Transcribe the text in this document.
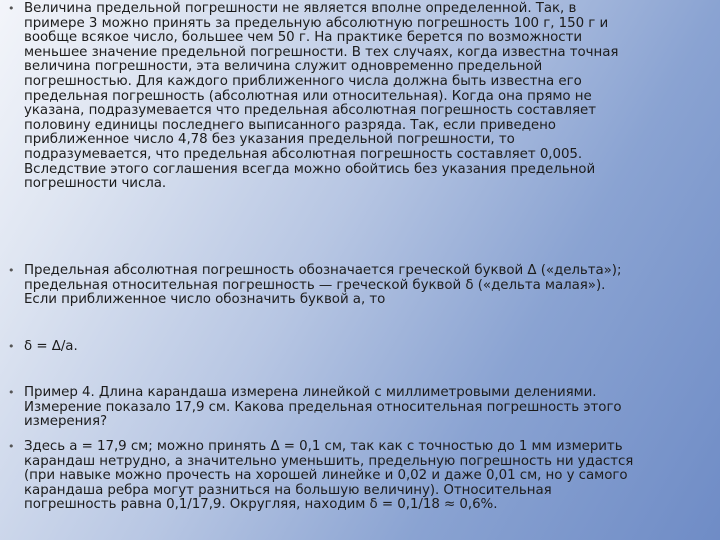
• Величина предельной погрешности не является вполне определенной. Так, в
примере 3 можно принять за предельную абсолютную погрешность 100 г, 150 г и
вообще всякое число, большее чем 50 г. На практике берется по возможности
меньшее значение предельной погрешности. В тех случаях, когда известна точная
величина погрешности, эта величина служит одновременно предельной
погрешностью. Для каждого приближенного числа должна быть известна его
предельная погрешность (абсолютная или относительная). Когда она прямо не
указана, подразумевается что предельная абсолютная погрешность составляет
половину единицы последнего выписанного разряда. Так, если приведено
приближенное число 4,78 без указания предельной погрешности, то
подразумевается, что предельная абсолютная погрешность составляет 0,005.
Вследствие этого соглашения всегда можно обойтись без указания предельной
погрешности числа.
• Предельная абсолютная погрешность обозначается греческой буквой Δ («дельта»);
предельная относительная погрешность — греческой буквой δ («дельта малая»).
Если приближенное число обозначить буквой а, то
• δ = Δ/a.
• Пример 4. Длина карандаша измерена линейкой с миллиметровыми делениями.
Измерение показало 17,9 см. Какова предельная относительная погрешность этого
измерения?
• Здесь а = 17,9 см; можно принять Δ = 0,1 см, так как с точностью до 1 мм измерить
карандаш нетрудно, а значительно уменьшить, предельную погрешность ни удастся
(при навыке можно прочесть на хорошей линейке и 0,02 и даже 0,01 см, но у самого
карандаша ребра могут разниться на большую величину). Относительная
погрешность равна 0,1/17,9. Округляя, находим δ = 0,1/18 ≈ 0,6%.
